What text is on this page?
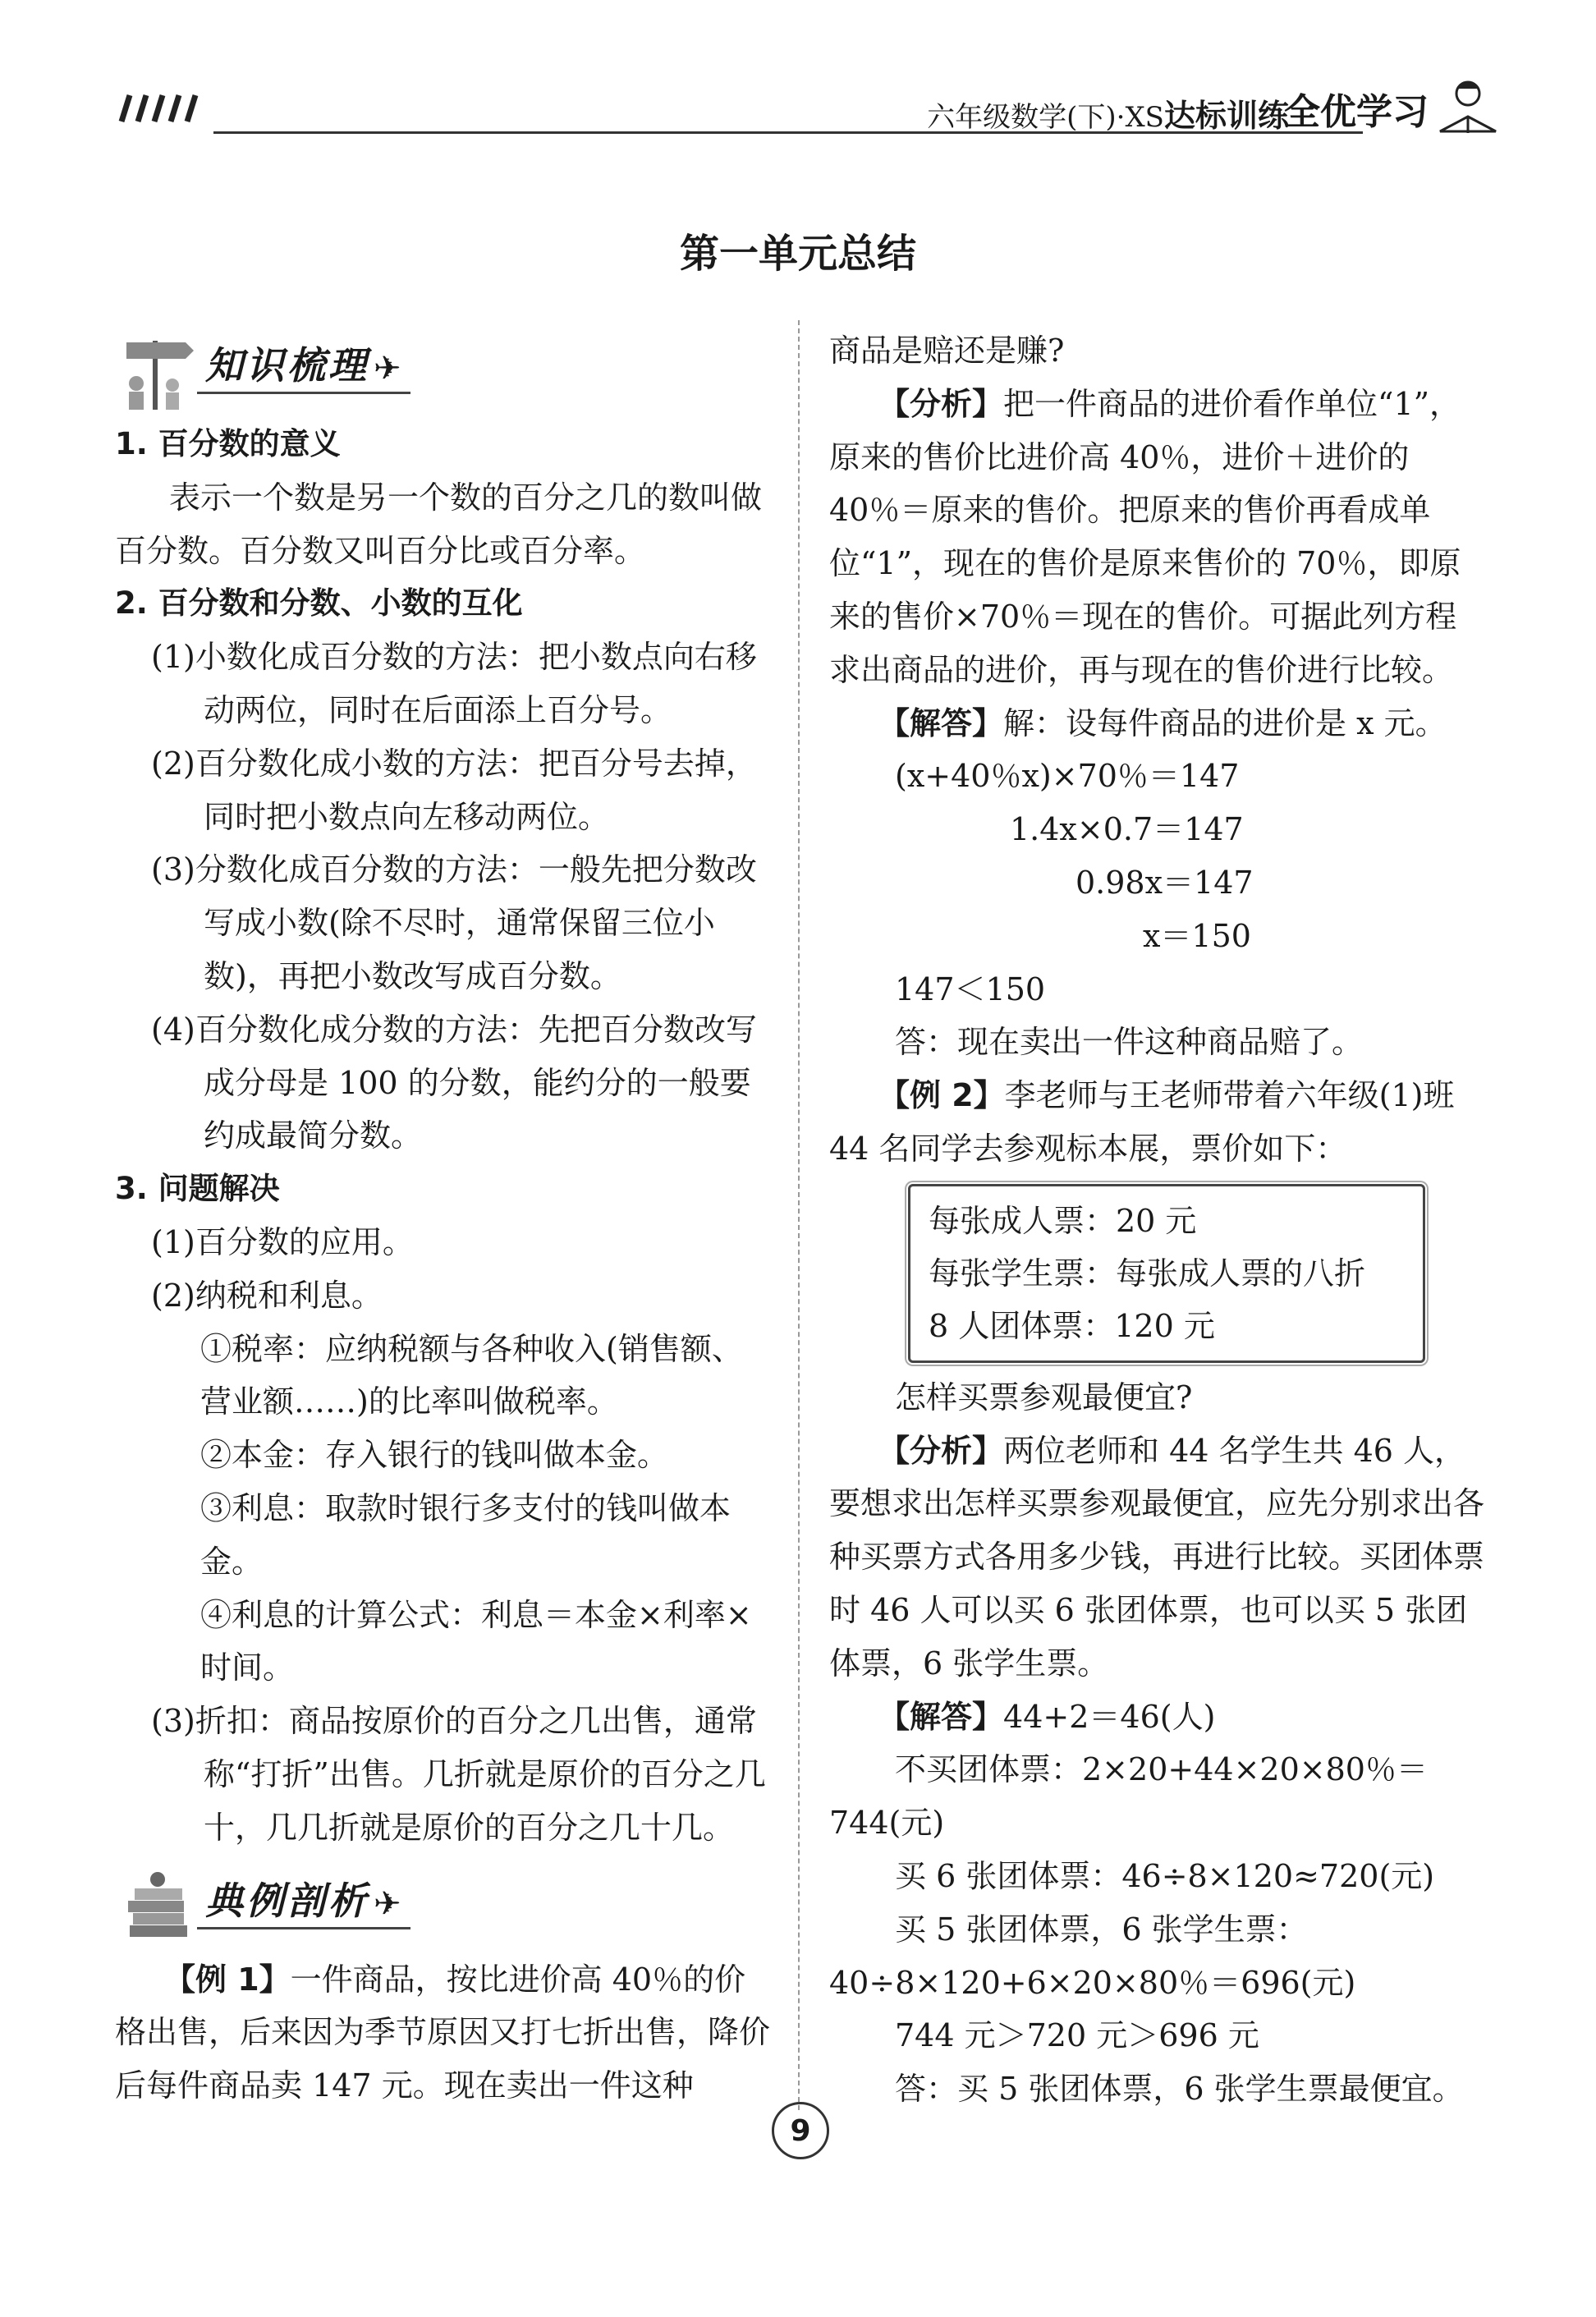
六年级数学(下)·XS达标训练
全优学习
第一单元总结
知识梳理 ✈

1. 百分数的意义

表示一个数是另一个数的百分之几的数叫做百分数。百分数又叫百分比或百分率。

2. 百分数和分数、小数的互化

(1)小数化成百分数的方法：把小数点向右移动两位，同时在后面添上百分号。

(2)百分数化成小数的方法：把百分号去掉，同时把小数点向左移动两位。

(3)分数化成百分数的方法：一般先把分数改写成小数(除不尽时，通常保留三位小数)，再把小数改写成百分数。

(4)百分数化成分数的方法：先把百分数改写成分母是 100 的分数，能约分的一般要约成最简分数。

3. 问题解决

(1)百分数的应用。

(2)纳税和利息。

①税率：应纳税额与各种收入(销售额、营业额……)的比率叫做税率。

②本金：存入银行的钱叫做本金。

③利息：取款时银行多支付的钱叫做本金。

④利息的计算公式：利息＝本金×利率×时间。

(3)折扣：商品按原价的百分之几出售，通常称“打折”出售。几折就是原价的百分之几十，几几折就是原价的百分之几十几。

典例剖析 ✈

【例 1】一件商品，按比进价高 40％的价格出售，后来因为季节原因又打七折出售，降价后每件商品卖 147 元。现在卖出一件这种

商品是赔还是赚?

【分析】把一件商品的进价看作单位“1”，原来的售价比进价高 40％，进价＋进价的 40％＝原来的售价。把原来的售价再看成单位“1”，现在的售价是原来售价的 70％，即原来的售价×70％＝现在的售价。可据此列方程求出商品的进价，再与现在的售价进行比较。

【解答】解：设每件商品的进价是 x 元。

(x+40％x)×70％＝147

1.4x×0.7＝147

0.98x＝147

x＝150

147＜150

答：现在卖出一件这种商品赔了。

【例 2】李老师与王老师带着六年级(1)班 44 名同学去参观标本展，票价如下：

每张成人票：20 元

每张学生票：每张成人票的八折

8 人团体票：120 元

怎样买票参观最便宜?

【分析】两位老师和 44 名学生共 46 人，要想求出怎样买票参观最便宜，应先分别求出各种买票方式各用多少钱，再进行比较。买团体票时 46 人可以买 6 张团体票，也可以买 5 张团体票，6 张学生票。

【解答】44+2＝46(人)

不买团体票：2×20+44×20×80％＝744(元)

买 6 张团体票：46÷8×120≈720(元)

买 5 张团体票，6 张学生票：40÷8×120+6×20×80％＝696(元)

744 元＞720 元＞696 元

答：买 5 张团体票，6 张学生票最便宜。

9
